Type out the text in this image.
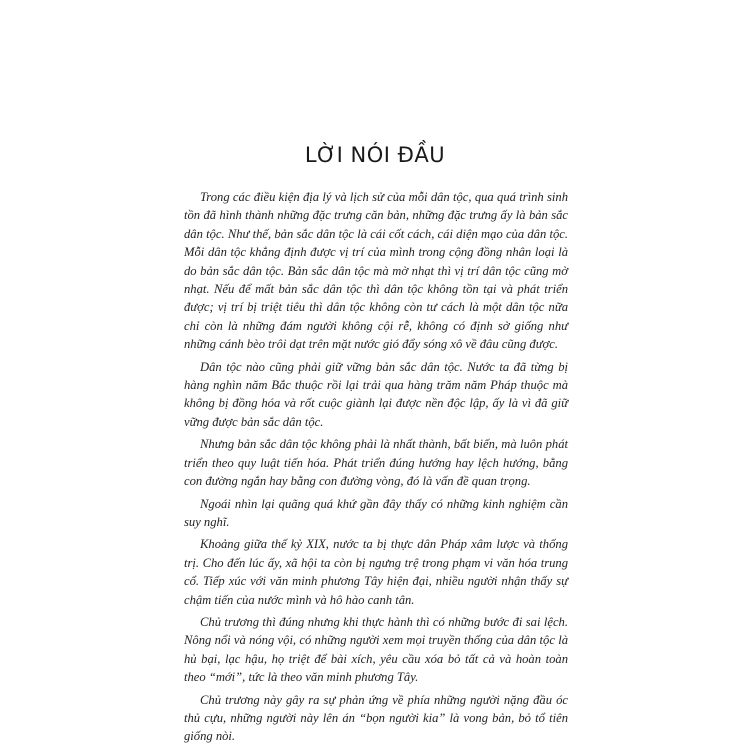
LỜI NÓI ĐẦU

Trong các điều kiện địa lý và lịch sử của mỗi dân tộc, qua quá trình sinh tồn đã hình thành những đặc trưng căn bản, những đặc trưng ấy là bản sắc dân tộc. Như thế, bản sắc dân tộc là cái cốt cách, cái diện mạo của dân tộc. Mỗi dân tộc khẳng định được vị trí của mình trong cộng đồng nhân loại là do bản sắc dân tộc. Bản sắc dân tộc mà mờ nhạt thì vị trí dân tộc cũng mờ nhạt. Nếu để mất bản sắc dân tộc thì dân tộc không tồn tại và phát triển được; vị trí bị triệt tiêu thì dân tộc không còn tư cách là một dân tộc nữa chỉ còn là những đám người không cội rễ, không có định sở giống như những cánh bèo trôi dạt trên mặt nước gió đẩy sóng xô về đâu cũng được.

Dân tộc nào cũng phải giữ vững bản sắc dân tộc. Nước ta đã từng bị hàng nghìn năm Bắc thuộc rồi lại trải qua hàng trăm năm Pháp thuộc mà không bị đồng hóa và rốt cuộc giành lại được nền độc lập, ấy là vì đã giữ vững được bản sắc dân tộc.

Nhưng bản sắc dân tộc không phải là nhất thành, bất biến, mà luôn phát triển theo quy luật tiến hóa. Phát triển đúng hướng hay lệch hướng, bằng con đường ngắn hay bằng con đường vòng, đó là vấn đề quan trọng.

Ngoái nhìn lại quãng quá khứ gần đây thấy có những kinh nghiệm cần suy nghĩ.

Khoảng giữa thế kỷ XIX, nước ta bị thực dân Pháp xâm lược và thống trị. Cho đến lúc ấy, xã hội ta còn bị ngưng trệ trong phạm vi văn hóa trung cổ. Tiếp xúc với văn minh phương Tây hiện đại, nhiều người nhận thấy sự chậm tiến của nước mình và hô hào canh tân.

Chủ trương thì đúng nhưng khi thực hành thì có những bước đi sai lệch. Nông nổi và nóng vội, có những người xem mọi truyền thống của dân tộc là hủ bại, lạc hậu, họ triệt để bài xích, yêu cầu xóa bỏ tất cả và hoàn toàn theo “mới”, tức là theo văn minh phương Tây.

Chủ trương này gây ra sự phản ứng về phía những người nặng đầu óc thủ cựu, những người này lên án “bọn người kia” là vong bản, bỏ tổ tiên giống nòi.
